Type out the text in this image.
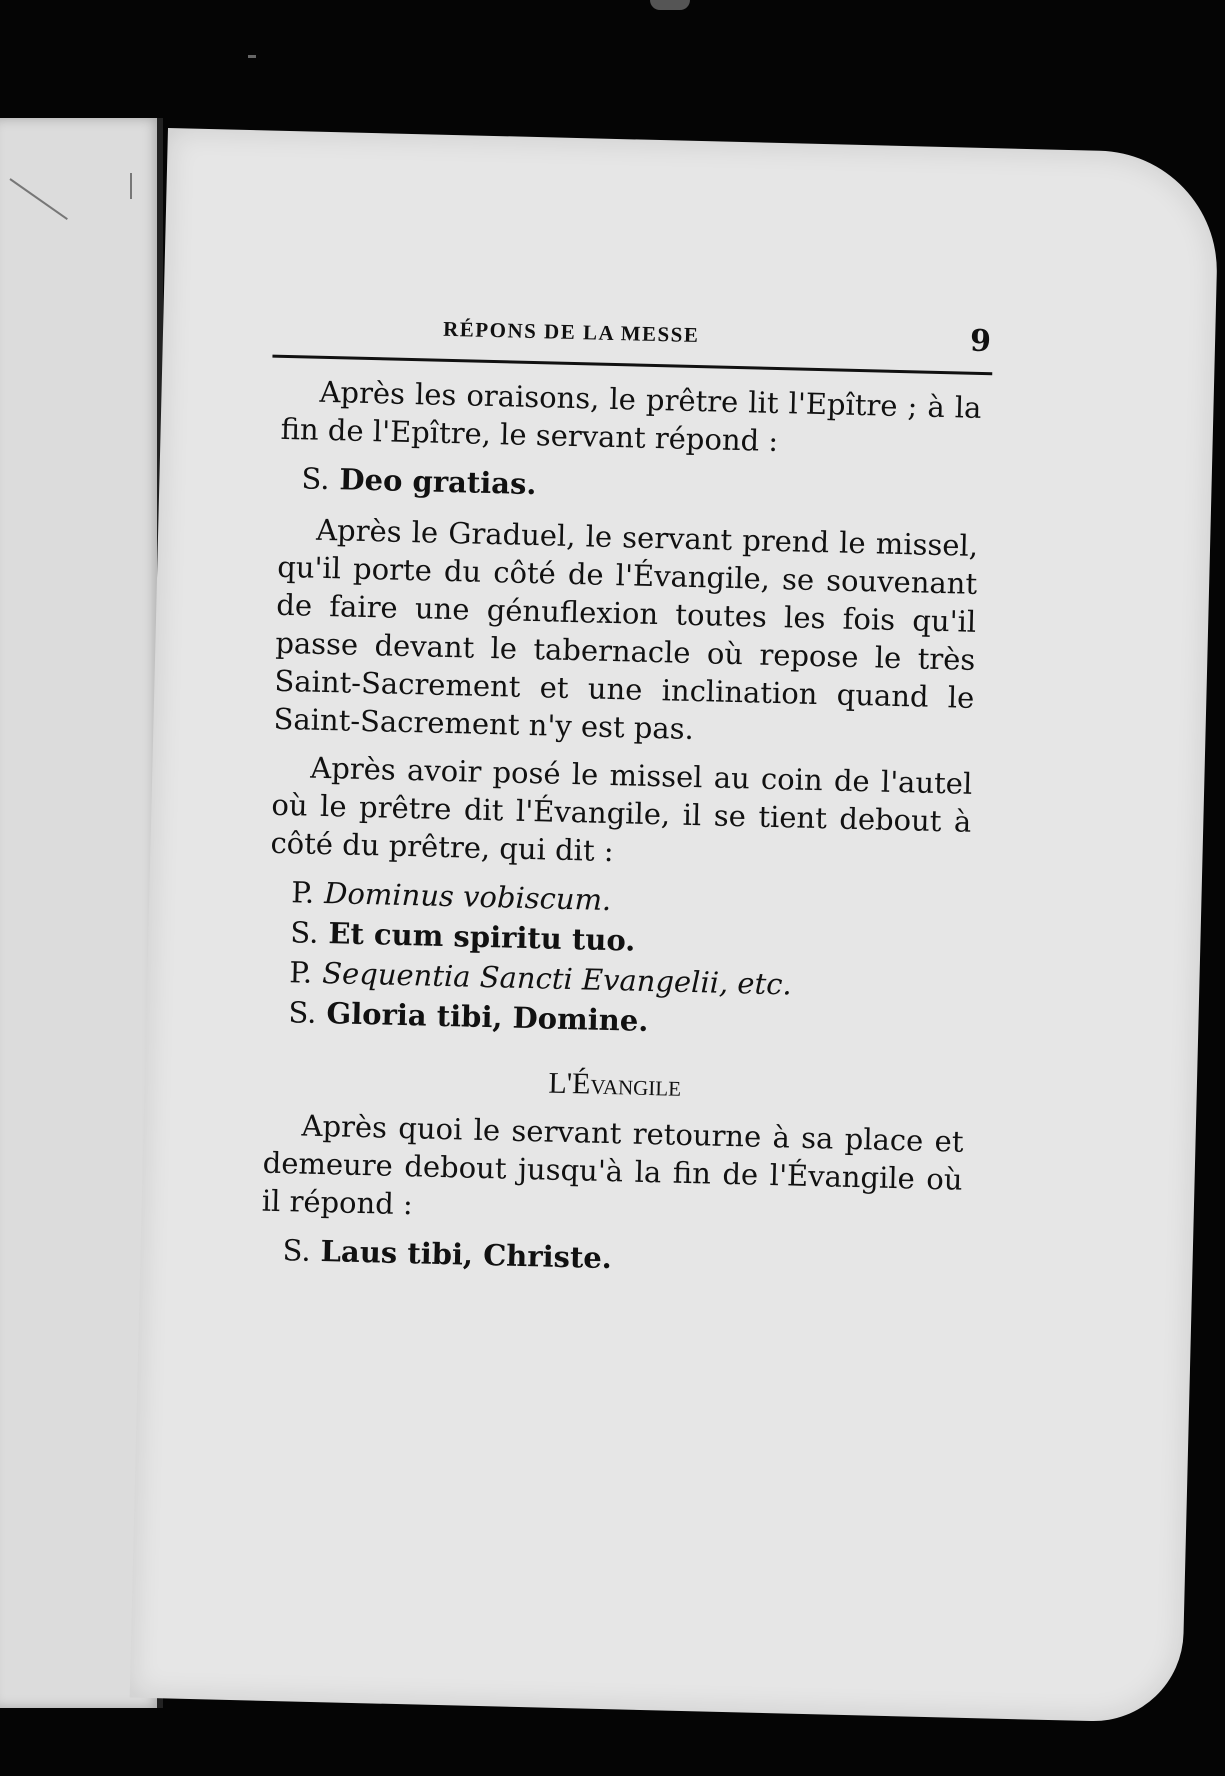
RÉPONS DE LA MESSE	9

Après les oraisons, le prêtre lit l'Epître ; à la fin de l'Epître, le servant répond :

S. Deo gratias.

Après le Graduel, le servant prend le missel, qu'il porte du côté de l'Évangile, se souvenant de faire une génuflexion toutes les fois qu'il passe devant le tabernacle où repose le très Saint-Sacrement et une inclination quand le Saint-Sacrement n'y est pas.

Après avoir posé le missel au coin de l'autel où le prêtre dit l'Évangile, il se tient debout à côté du prêtre, qui dit :

P. Dominus vobiscum.
S. Et cum spiritu tuo.
P. Sequentia Sancti Evangelii, etc.
S. Gloria tibi, Domine.
L'Évangile

Après quoi le servant retourne à sa place et demeure debout jusqu'à la fin de l'Évangile où il répond :

S. Laus tibi, Christe.
